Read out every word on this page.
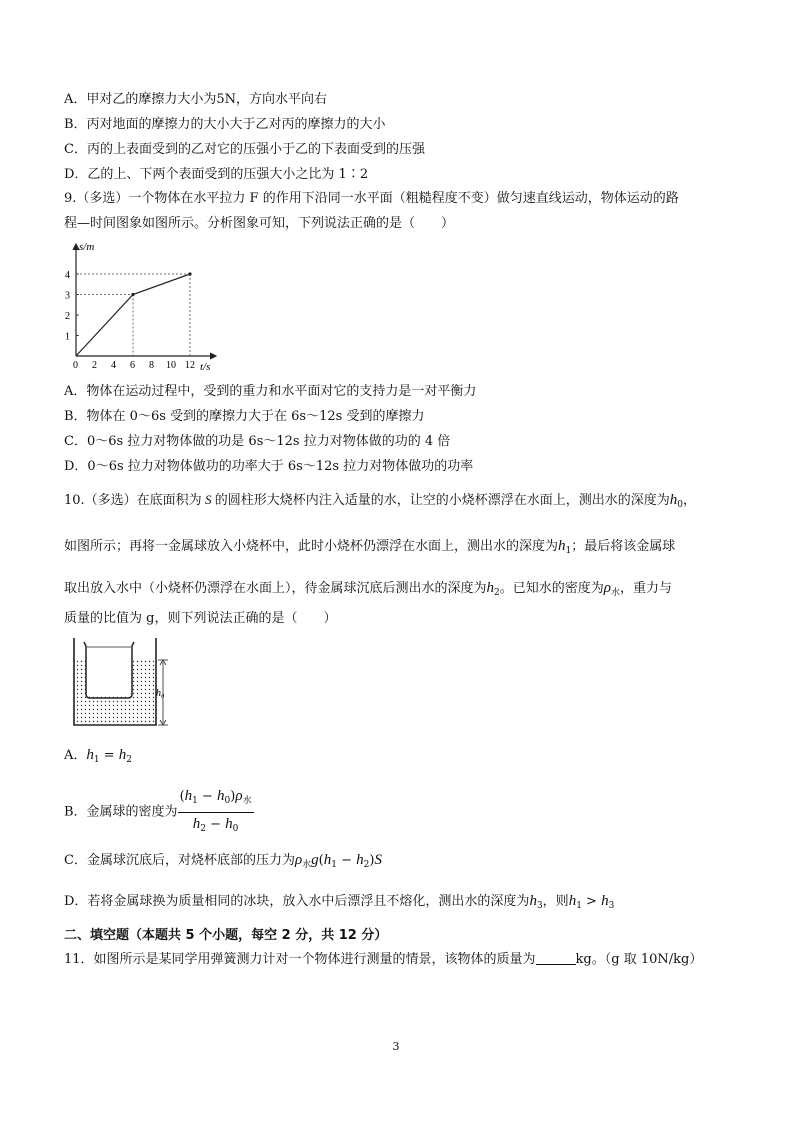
A．甲对乙的摩擦力大小为5N，方向水平向右
B．丙对地面的摩擦力的大小大于乙对丙的摩擦力的大小
C．丙的上表面受到的乙对它的压强小于乙的下表面受到的压强
D．乙的上、下两个表面受到的压强大小之比为 1∶2
9.（多选）一个物体在水平拉力 F 的作用下沿同一水平面（粗糙程度不变）做匀速直线运动，物体运动的路
程—时间图象如图所示。分析图象可知，下列说法正确的是（　　）
s/m
t/s
0 2 4 6 8 10 12
1
2
3
4
A．物体在运动过程中，受到的重力和水平面对它的支持力是一对平衡力
B．物体在 0～6s 受到的摩擦力大于在 6s～12s 受到的摩擦力
C．0～6s 拉力对物体做的功是 6s～12s 拉力对物体做的功的 4 倍
D．0～6s 拉力对物体做功的功率大于 6s～12s 拉力对物体做功的功率
10.（多选）在底面积为 S 的圆柱形大烧杯内注入适量的水，让空的小烧杯漂浮在水面上，测出水的深度为$h_0$，
如图所示；再将一金属球放入小烧杯中，此时小烧杯仍漂浮在水面上，测出水的深度为$h_1$；最后将该金属球
取出放入水中（小烧杯仍漂浮在水面上），待金属球沉底后测出水的深度为$h_2$。已知水的密度为$\rho_水$，重力与
质量的比值为 g，则下列说法正确的是（　　）
h₀
A．$h_1 = h_2$
B．金属球的密度为 $\frac{(h_1 - h_0)\rho_水}{h_2 - h_0}$
C．金属球沉底后，对烧杯底部的压力为$\rho_水g(h_1 - h_2)S$
D．若将金属球换为质量相同的冰块，放入水中后漂浮且不熔化，测出水的深度为$h_3$，则$h_1 > h_3$
二、填空题（本题共 5 个小题，每空 2 分，共 12 分）
11．如图所示是某同学用弹簧测力计对一个物体进行测量的情景，该物体的质量为	kg。（g 取 10N/kg）
3
